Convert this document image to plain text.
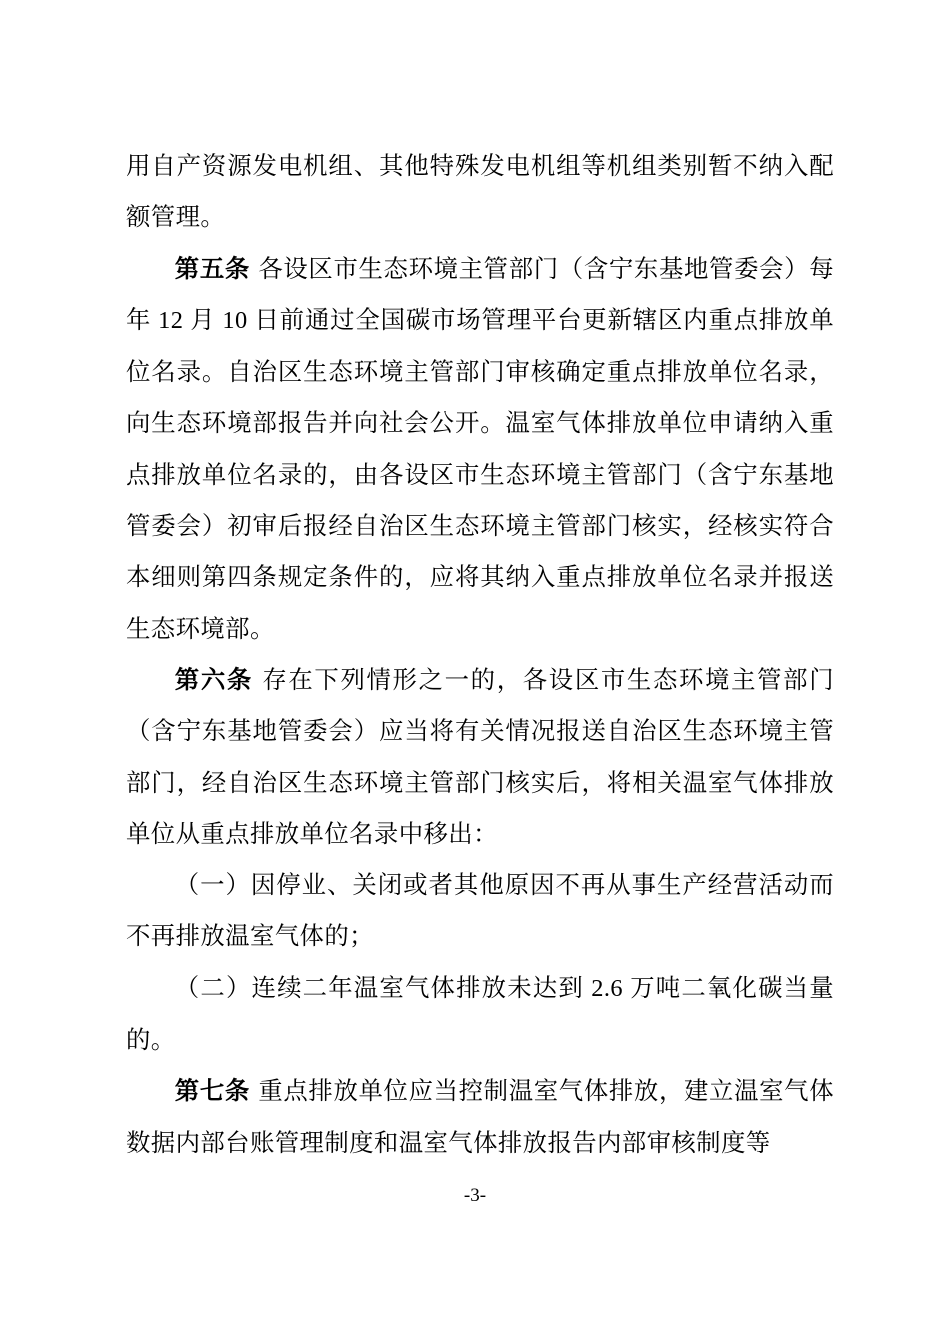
用自产资源发电机组、其他特殊发电机组等机组类别暂不纳入配额管理。

第五条 各设区市生态环境主管部门（含宁东基地管委会）每年 12 月 10 日前通过全国碳市场管理平台更新辖区内重点排放单位名录。自治区生态环境主管部门审核确定重点排放单位名录，向生态环境部报告并向社会公开。温室气体排放单位申请纳入重点排放单位名录的，由各设区市生态环境主管部门（含宁东基地管委会）初审后报经自治区生态环境主管部门核实，经核实符合本细则第四条规定条件的，应将其纳入重点排放单位名录并报送生态环境部。

第六条 存在下列情形之一的，各设区市生态环境主管部门（含宁东基地管委会）应当将有关情况报送自治区生态环境主管部门，经自治区生态环境主管部门核实后，将相关温室气体排放单位从重点排放单位名录中移出：

（一）因停业、关闭或者其他原因不再从事生产经营活动而不再排放温室气体的；

（二）连续二年温室气体排放未达到 2.6 万吨二氧化碳当量的。

第七条 重点排放单位应当控制温室气体排放，建立温室气体数据内部台账管理制度和温室气体排放报告内部审核制度等

-3-
